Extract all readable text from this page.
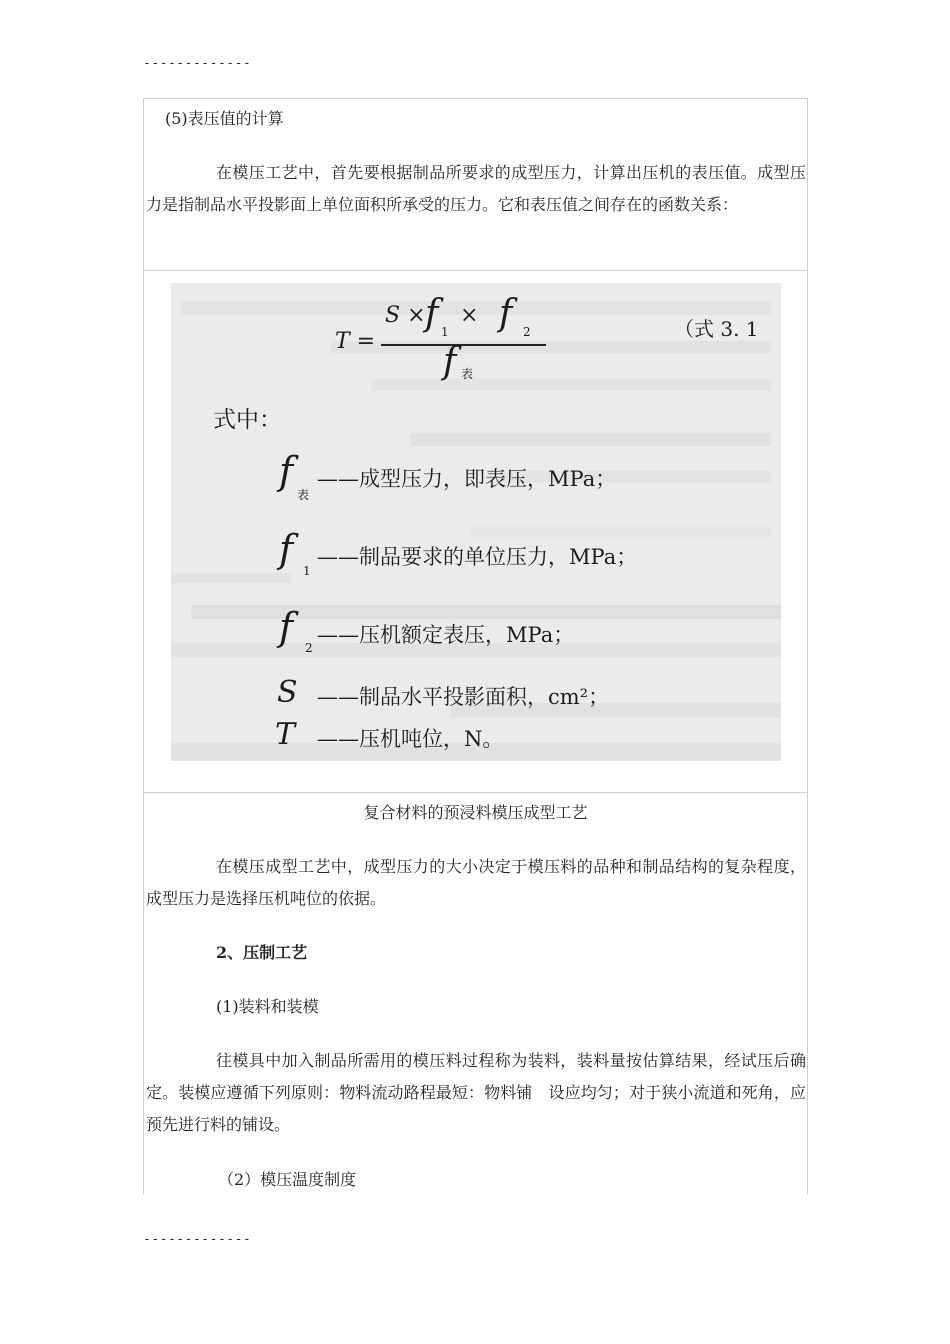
-------------
(5)表压值的计算

在模压工艺中，首先要根据制品所要求的成型压力，计算出压机的表压值。成型压力是指制品水平投影面上单位面积所承受的压力。它和表压值之间存在的函数关系：

T =
S × f 1
× f 2
f 表
（式 3. 1
式中：
f
表
——成型压力，即表压，MPa；
f 1
——制品要求的单位压力，MPa；
f 2
——压机额定表压，MPa；
S ——制品水平投影面积，cm²；
T ——压机吨位，N。
复合材料的预浸料模压成型工艺

在模压成型工艺中，成型压力的大小决定于模压料的品种和制品结构的复杂程度，成型压力是选择压机吨位的依据。

2、压制工艺
(1)装料和装模

往模具中加入制品所需用的模压料过程称为装料，装料量按估算结果，经试压后确定。装模应遵循下列原则：物料流动路程最短：物料铺　设应均匀；对于狭小流道和死角，应预先进行料的铺设。

（2）模压温度制度
-------------
